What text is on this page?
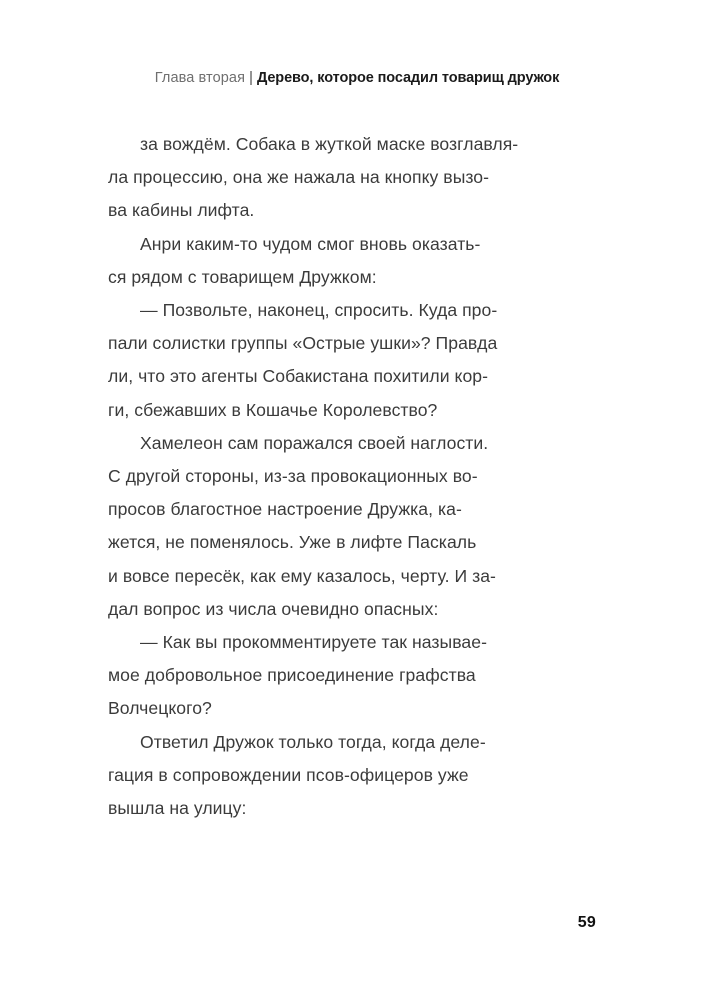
Глава вторая | Дерево, которое посадил товарищ дружок

за вождём. Собака в жуткой маске возглавля-
ла процессию, она же нажала на кнопку вызо-
ва кабины лифта.

Анри каким-то чудом смог вновь оказать-
ся рядом с товарищем Дружком:

— Позвольте, наконец, спросить. Куда про-
пали солистки группы «Острые ушки»? Правда
ли, что это агенты Собакистана похитили кор-
ги, сбежавших в Кошачье Королевство?

Хамелеон сам поражался своей наглости.
С другой стороны, из-за провокационных во-
просов благостное настроение Дружка, ка-
жется, не поменялось. Уже в лифте Паскаль
и вовсе пересёк, как ему казалось, черту. И за-
дал вопрос из числа очевидно опасных:

— Как вы прокомментируете так называе-
мое добровольное присоединение графства
Волчецкого?

Ответил Дружок только тогда, когда деле-
гация в сопровождении псов-офицеров уже
вышла на улицу:

59
